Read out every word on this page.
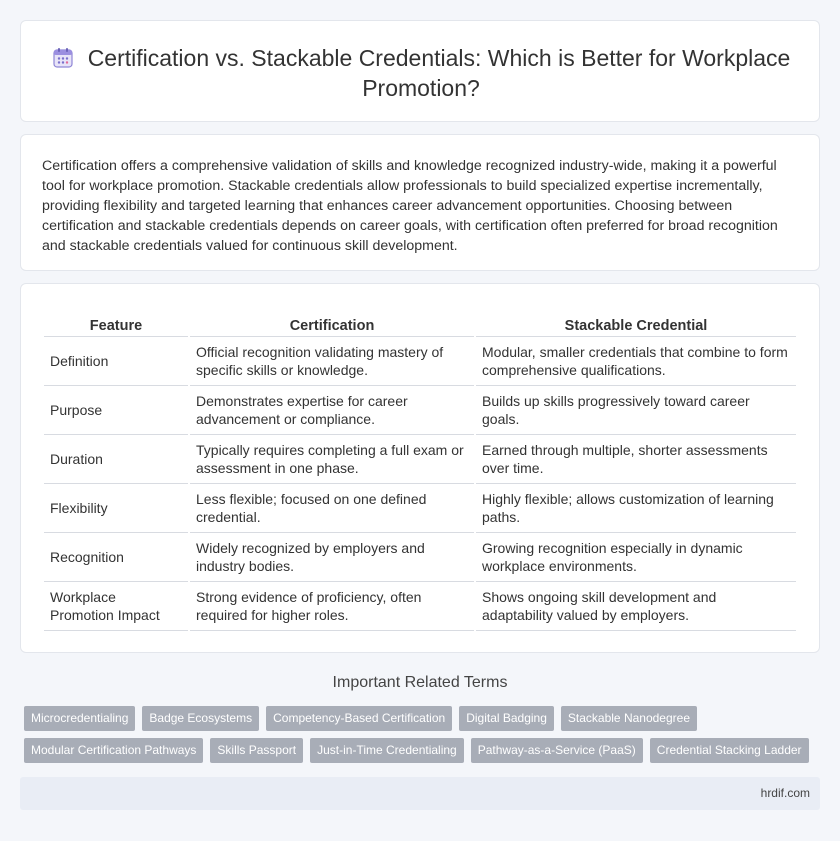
Certification vs. Stackable Credentials: Which is Better for Workplace Promotion?

Certification offers a comprehensive validation of skills and knowledge recognized industry-wide, making it a powerful tool for workplace promotion. Stackable credentials allow professionals to build specialized expertise incrementally, providing flexibility and targeted learning that enhances career advancement opportunities. Choosing between certification and stackable credentials depends on career goals, with certification often preferred for broad recognition and stackable credentials valued for continuous skill development.

Feature	Certification	Stackable Credential
Definition	Official recognition validating mastery of specific skills or knowledge.	Modular, smaller credentials that combine to form comprehensive qualifications.
Purpose	Demonstrates expertise for career advancement or compliance.	Builds up skills progressively toward career goals.
Duration	Typically requires completing a full exam or assessment in one phase.	Earned through multiple, shorter assessments over time.
Flexibility	Less flexible; focused on one defined credential.	Highly flexible; allows customization of learning paths.
Recognition	Widely recognized by employers and industry bodies.	Growing recognition especially in dynamic workplace environments.
Workplace Promotion Impact	Strong evidence of proficiency, often required for higher roles.	Shows ongoing skill development and adaptability valued by employers.
Important Related Terms
Microcredentialing	Badge Ecosystems	Competency-Based Certification	Digital Badging	Stackable Nanodegree
Modular Certification Pathways	Skills Passport	Just-in-Time Credentialing	Pathway-as-a-Service (PaaS)	Credential Stacking Ladder
hrdif.com
